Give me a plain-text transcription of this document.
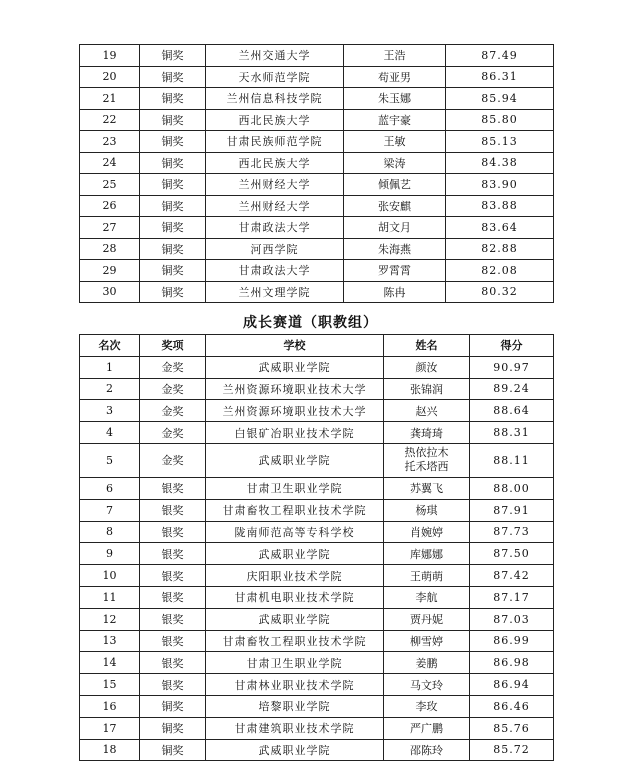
19	铜奖	兰州交通大学	王浩	87.49
20	铜奖	天水师范学院	苟亚男	86.31
21	铜奖	兰州信息科技学院	朱玉娜	85.94
22	铜奖	西北民族大学	蓝宇豪	85.80
23	铜奖	甘肃民族师范学院	王敏	85.13
24	铜奖	西北民族大学	梁涛	84.38
25	铜奖	兰州财经大学	倾佩艺	83.90
26	铜奖	兰州财经大学	张安麒	83.88
27	铜奖	甘肃政法大学	胡文月	83.64
28	铜奖	河西学院	朱海燕	82.88
29	铜奖	甘肃政法大学	罗霄霄	82.08
30	铜奖	兰州文理学院	陈冉	80.32
成长赛道（职教组）
名次	奖项	学校	姓名	得分
1	金奖	武威职业学院	颜汝	90.97
2	金奖	兰州资源环境职业技术大学	张锦润	89.24
3	金奖	兰州资源环境职业技术大学	赵兴	88.64
4	金奖	白银矿冶职业技术学院	龚琦琦	88.31
5	金奖	武威职业学院	热依拉木
托禾塔西	88.11
6	银奖	甘肃卫生职业学院	苏翼飞	88.00
7	银奖	甘肃畜牧工程职业技术学院	杨琪	87.91
8	银奖	陇南师范高等专科学校	肖婉婷	87.73
9	银奖	武威职业学院	库娜娜	87.50
10	银奖	庆阳职业技术学院	王萌萌	87.42
11	银奖	甘肃机电职业技术学院	李航	87.17
12	银奖	武威职业学院	贾丹妮	87.03
13	银奖	甘肃畜牧工程职业技术学院	柳雪婷	86.99
14	银奖	甘肃卫生职业学院	姜鹏	86.98
15	银奖	甘肃林业职业技术学院	马文玲	86.94
16	铜奖	培黎职业学院	李玫	86.46
17	铜奖	甘肃建筑职业技术学院	严广鹏	85.76
18	铜奖	武威职业学院	邵陈玲	85.72
